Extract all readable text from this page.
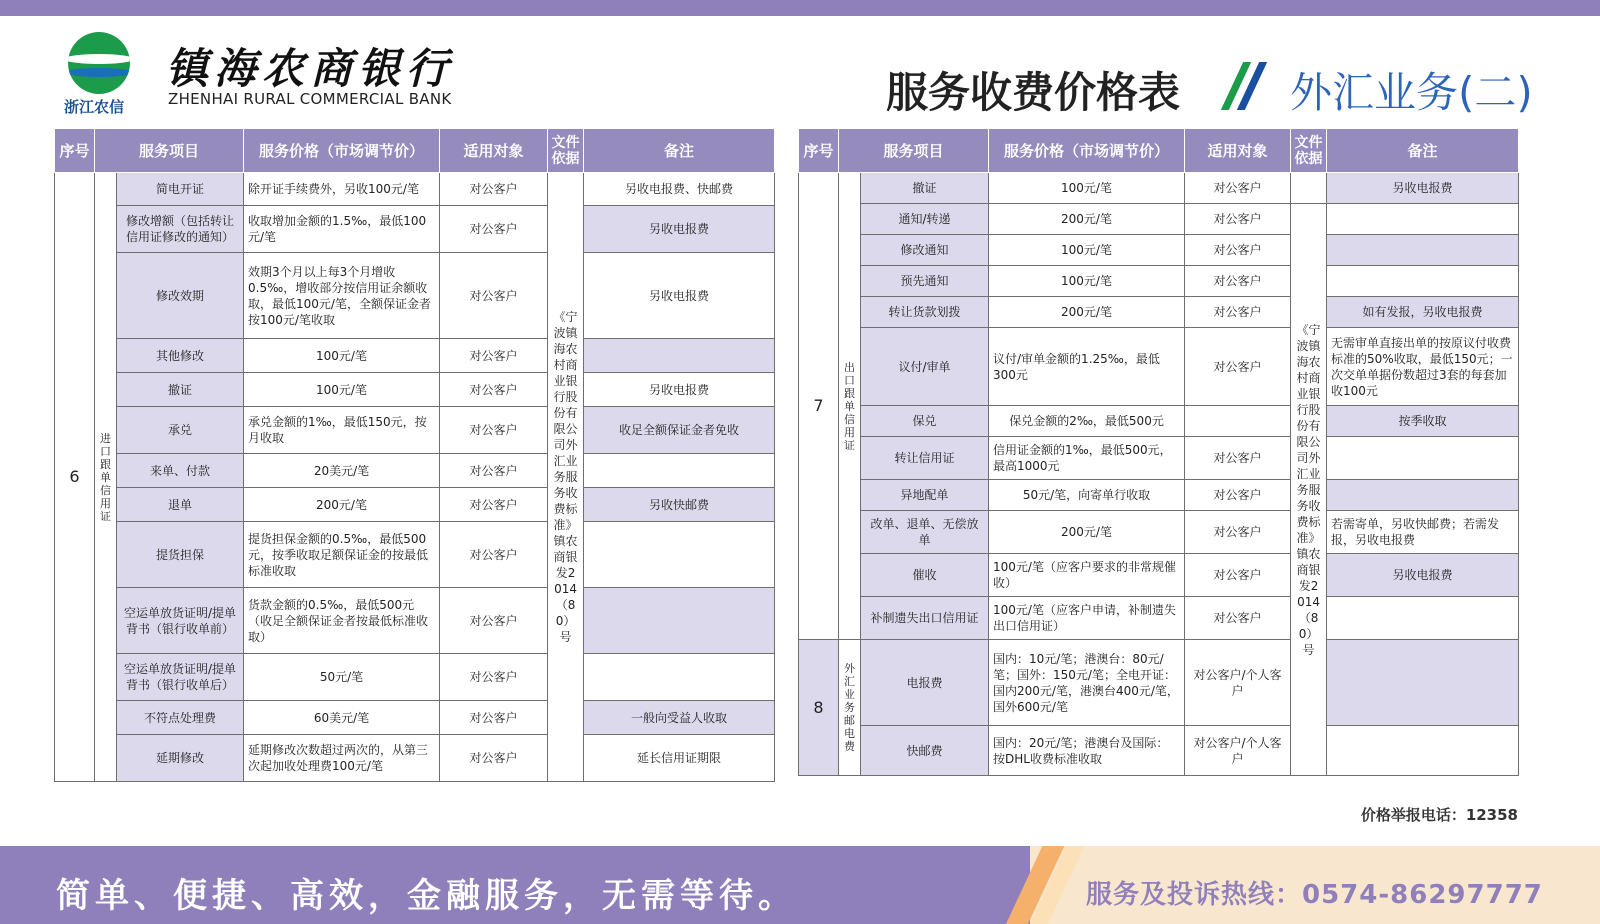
浙江农信
镇海农商银行
ZHENHAI RURAL COMMERCIAL BANK	服务收费价格表	外汇业务(二)
序号	服务项目		服务价格（市场调节价）	适用对象	文件依据	备注
6	进口跟单信用证	简电开证	除开证手续费外，另收100元/笔	对公客户	《宁波镇海农村商业银行股份有限公司外汇业务服务收费标准》镇农商银发2014（80）号	另收电报费、快邮费
		修改增额（包括转让信用证修改的通知）	收取增加金额的1.5‰，最低100元/笔	对公客户		另收电报费
		修改效期	效期3个月以上每3个月增收0.5‰，增收部分按信用证余额收取，最低100元/笔，全额保证金者按100元/笔收取	对公客户		另收电报费
		其他修改	100元/笔	对公客户		
		撤证	100元/笔	对公客户		另收电报费
		承兑	承兑金额的1‰，最低150元，按月收取	对公客户		收足全额保证金者免收
		来单、付款	20美元/笔	对公客户		
		退单	200元/笔	对公客户		另收快邮费
		提货担保	提货担保金额的0.5‰，最低500元，按季收取足额保证金的按最低标准收取	对公客户		
		空运单放货证明/提单背书（银行收单前）	货款金额的0.5‰，最低500元（收足全额保证金者按最低标准收取）	对公客户		
		空运单放货证明/提单背书（银行收单后）	50元/笔	对公客户		
		不符点处理费	60美元/笔	对公客户		一般向受益人收取
		延期修改	延期修改次数超过两次的，从第三次起加收处理费100元/笔	对公客户		延长信用证期限
序号	服务项目		服务价格（市场调节价）	适用对象	文件依据	备注
7	出口跟单信用证	撤证	100元/笔	对公客户		另收电报费
		通知/转递	200元/笔	对公客户	《宁波镇海农村商业银行股份有限公司外汇业务服务收费标准》镇农商银发2014（80）号	
		修改通知	100元/笔	对公客户		
		预先通知	100元/笔	对公客户		
		转让货款划拨	200元/笔	对公客户		如有发报，另收电报费
		议付/审单	议付/审单金额的1.25‰，最低300元	对公客户		无需审单直接出单的按原议付收费标准的50%收取，最低150元；一次交单单据份数超过3套的每套加收100元
		保兑	保兑金额的2‰，最低500元			按季收取
		转让信用证	信用证金额的1‰，最低500元，最高1000元	对公客户		
		异地配单	50元/笔，向寄单行收取	对公客户		
		改单、退单、无偿放单	200元/笔	对公客户		若需寄单，另收快邮费；若需发报，另收电报费
		催收	100元/笔（应客户要求的非常规催收）	对公客户		另收电报费
		补制遗失出口信用证	100元/笔（应客户申请，补制遗失出口信用证）	对公客户		
8	外汇业务邮电费	电报费	国内：10元/笔；港澳台：80元/笔；国外：150元/笔；全电开证：国内200元/笔，港澳台400元/笔，国外600元/笔	对公客户/个人客户		
		快邮费	国内：20元/笔；港澳台及国际：按DHL收费标准收取	对公客户/个人客户		
价格举报电话：12358
简单、便捷、高效，金融服务，无需等待。	服务及投诉热线：0574-86297777
